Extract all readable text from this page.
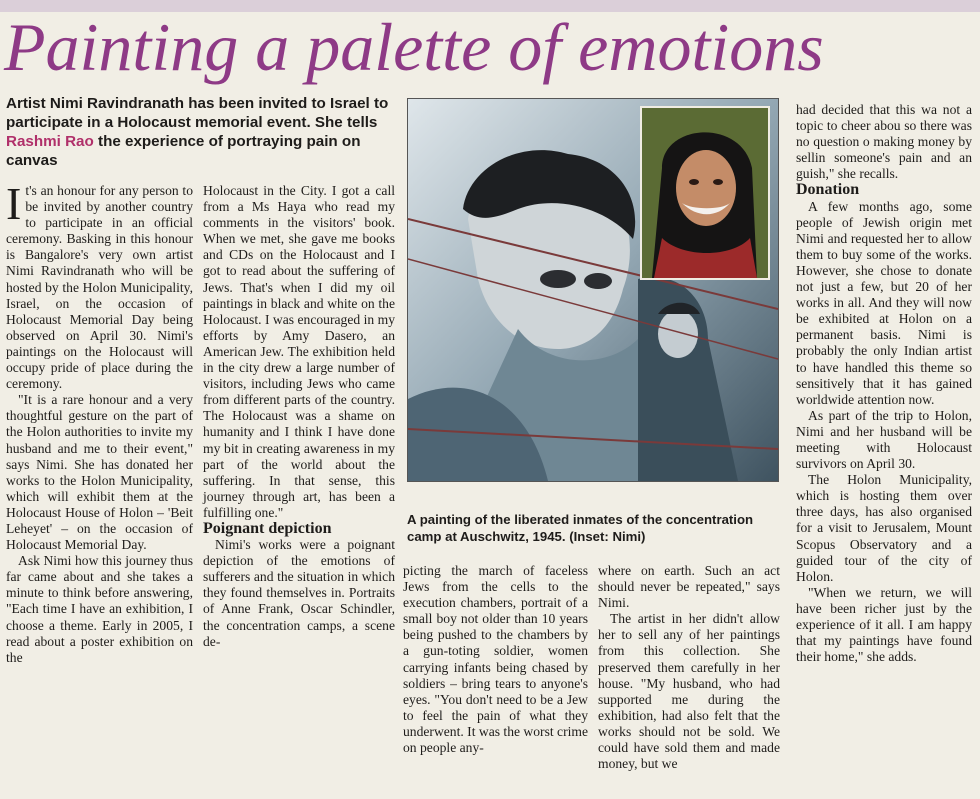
Painting a palette of emotions
Artist Nimi Ravindranath has been invited to Israel to participate in a Holocaust memorial event. She tells Rashmi Rao the experience of portraying pain on canvas

It's an honour for any person to be invited by another country to participate in an official ceremony. Basking in this honour is Bangalore's very own artist Nimi Ravindranath who will be hosted by the Holon Municipality, Israel, on the occasion of Holocaust Memorial Day being observed on April 30. Nimi's paintings on the Holocaust will occupy pride of place during the ceremony.

"It is a rare honour and a very thoughtful gesture on the part of the Holon authorities to invite my husband and me to their event," says Nimi. She has donated her works to the Holon Municipality, which will exhibit them at the Holocaust House of Holon – 'Beit Leheyet' – on the occasion of Holocaust Memorial Day.

Ask Nimi how this journey thus far came about and she takes a minute to think before answering, "Each time I have an exhibition, I choose a theme. Early in 2005, I read about a poster exhibition on the

Holocaust in the City. I got a call from a Ms Haya who read my comments in the visitors' book. When we met, she gave me books and CDs on the Holocaust and I got to read about the suffering of Jews. That's when I did my oil paintings in black and white on the Holocaust. I was encouraged in my efforts by Amy Dasero, an American Jew. The exhibition held in the city drew a large number of visitors, including Jews who came from different parts of the country. The Holocaust was a shame on humanity and I think I have done my bit in creating awareness in my part of the world about the suffering. In that sense, this journey through art, has been a fulfilling one."

Poignant depiction

Nimi's works were a poignant depiction of the emotions of sufferers and the situation in which they found themselves in. Portraits of Anne Frank, Oscar Schindler, the concentration camps, a scene de-

A painting of the liberated inmates of the concentration camp at Auschwitz, 1945. (Inset: Nimi)

picting the march of faceless Jews from the cells to the execution chambers, portrait of a small boy not older than 10 years being pushed to the chambers by a gun-toting soldier, women carrying infants being chased by soldiers – bring tears to anyone's eyes. "You don't need to be a Jew to feel the pain of what they underwent. It was the worst crime on people any-

where on earth. Such an act should never be repeated," says Nimi.

The artist in her didn't allow her to sell any of her paintings from this collection. She preserved them carefully in her house. "My husband, who had supported me during the exhibition, had also felt that the works should not be sold. We could have sold them and made money, but we

had decided that this wa not a topic to cheer abou so there was no question o making money by sellin someone's pain and an guish," she recalls.

Donation

A few months ago, some people of Jewish origin met Nimi and requested her to allow them to buy some of the works. However, she chose to donate not just a few, but 20 of her works in all. And they will now be exhibited at Holon on a permanent basis. Nimi is probably the only Indian artist to have handled this theme so sensitively that it has gained worldwide attention now.

As part of the trip to Holon, Nimi and her husband will be meeting with Holocaust survivors on April 30.

The Holon Municipality, which is hosting them over three days, has also organised for a visit to Jerusalem, Mount Scopus Observatory and a guided tour of the city of Holon.

"When we return, we will have been richer just by the experience of it all. I am happy that my paintings have found their home," she adds.
